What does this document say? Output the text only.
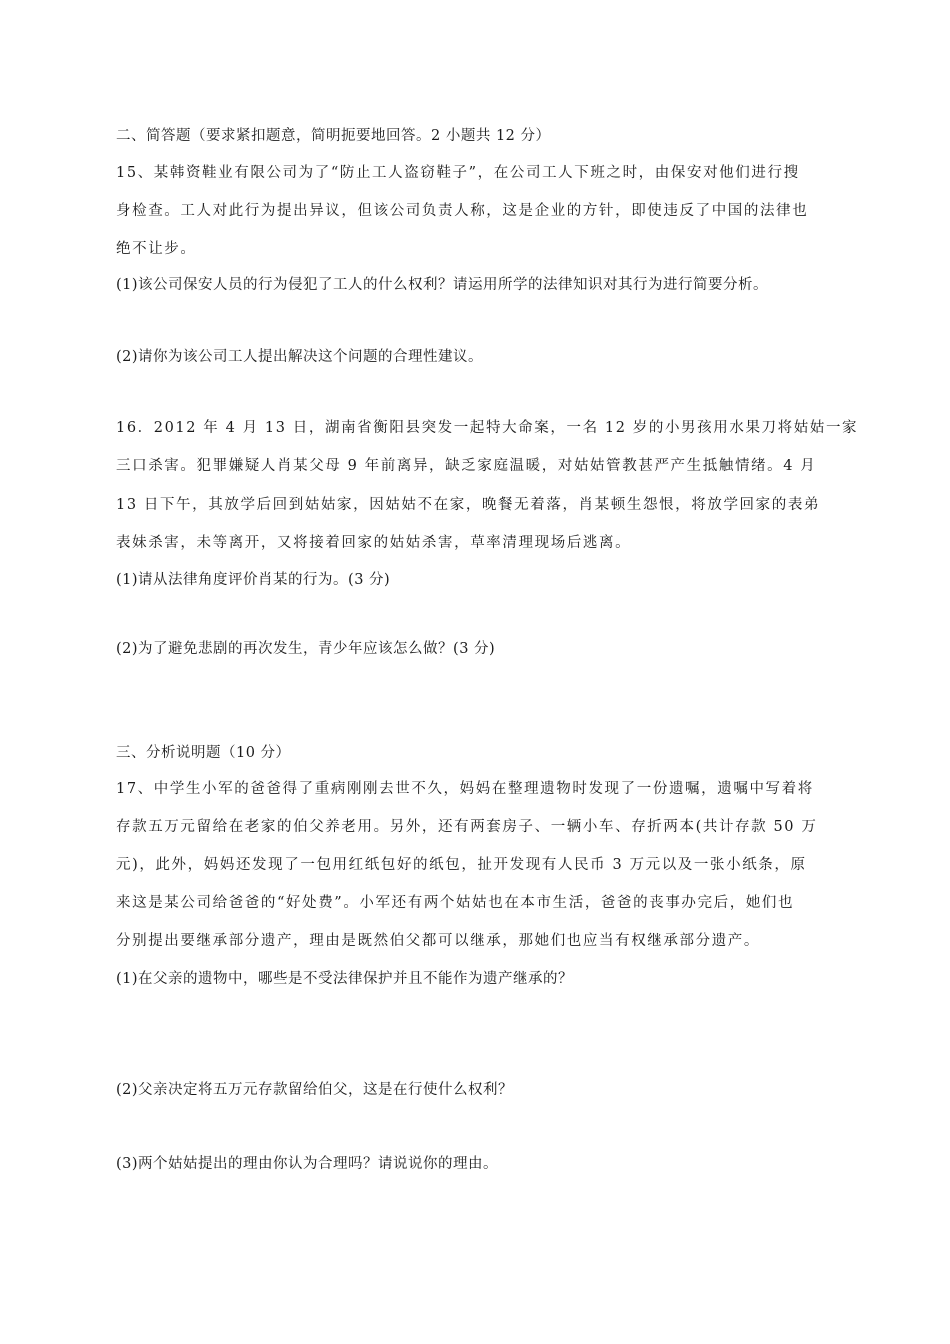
二、简答题（要求紧扣题意，简明扼要地回答。2 小题共 12 分）
15、某韩资鞋业有限公司为了“防止工人盗窃鞋子”，在公司工人下班之时，由保安对他们进行搜
身检查。工人对此行为提出异议，但该公司负责人称，这是企业的方针，即使违反了中国的法律也
绝不让步。
(1)该公司保安人员的行为侵犯了工人的什么权利？请运用所学的法律知识对其行为进行简要分析。
(2)请你为该公司工人提出解决这个问题的合理性建议。
16．2012 年 4 月 13 日，湖南省衡阳县突发一起特大命案，一名 12 岁的小男孩用水果刀将姑姑一家
三口杀害。犯罪嫌疑人肖某父母 9 年前离异，缺乏家庭温暖，对姑姑管教甚严产生抵触情绪。4 月
13 日下午，其放学后回到姑姑家，因姑姑不在家，晚餐无着落，肖某顿生怨恨，将放学回家的表弟
表妹杀害，未等离开，又将接着回家的姑姑杀害，草率清理现场后逃离。
(1)请从法律角度评价肖某的行为。(3 分)
(2)为了避免悲剧的再次发生，青少年应该怎么做？(3 分)
三、分析说明题（10 分）
17、中学生小军的爸爸得了重病刚刚去世不久，妈妈在整理遗物时发现了一份遗嘱，遗嘱中写着将
存款五万元留给在老家的伯父养老用。另外，还有两套房子、一辆小车、存折两本(共计存款 50 万
元)，此外，妈妈还发现了一包用红纸包好的纸包，扯开发现有人民币 3 万元以及一张小纸条，原
来这是某公司给爸爸的“好处费”。小军还有两个姑姑也在本市生活，爸爸的丧事办完后，她们也
分别提出要继承部分遗产，理由是既然伯父都可以继承，那她们也应当有权继承部分遗产。
(1)在父亲的遗物中，哪些是不受法律保护并且不能作为遗产继承的？
(2)父亲决定将五万元存款留给伯父，这是在行使什么权利？
(3)两个姑姑提出的理由你认为合理吗？请说说你的理由。
